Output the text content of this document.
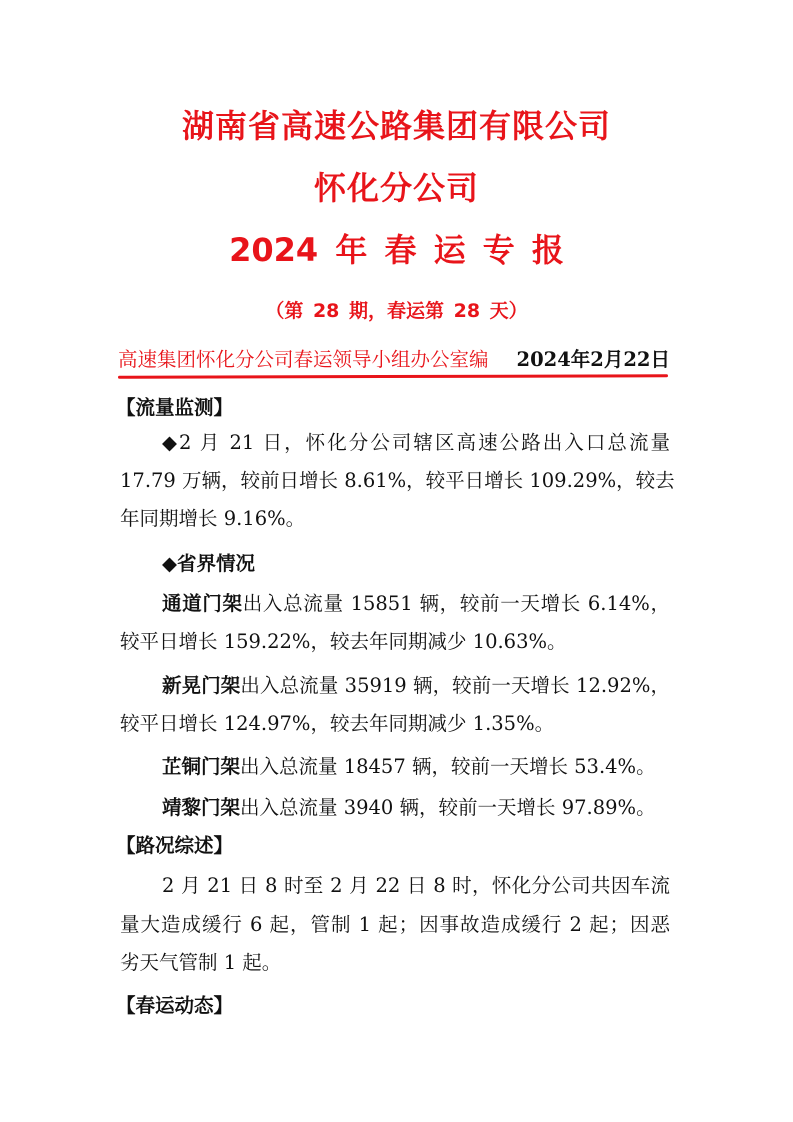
湖南省高速公路集团有限公司
怀化分公司
2024 年 春 运 专 报
（第 28 期，春运第 28 天）
高速集团怀化分公司春运领导小组办公室编 2024年2月22日
【流量监测】
◆2 月 21 日，怀化分公司辖区高速公路出入口总流量
17.79 万辆，较前日增长 8.61%，较平日增长 109.29%，较去
年同期增长 9.16%。
◆省界情况
通道门架出入总流量 15851 辆，较前一天增长 6.14%，
较平日增长 159.22%，较去年同期减少 10.63%。
新晃门架出入总流量 35919 辆，较前一天增长 12.92%，
较平日增长 124.97%，较去年同期减少 1.35%。
芷铜门架出入总流量 18457 辆，较前一天增长 53.4%。
靖黎门架出入总流量 3940 辆，较前一天增长 97.89%。
【路况综述】
2 月 21 日 8 时至 2 月 22 日 8 时，怀化分公司共因车流
量大造成缓行 6 起，管制 1 起；因事故造成缓行 2 起；因恶
劣天气管制 1 起。
【春运动态】
